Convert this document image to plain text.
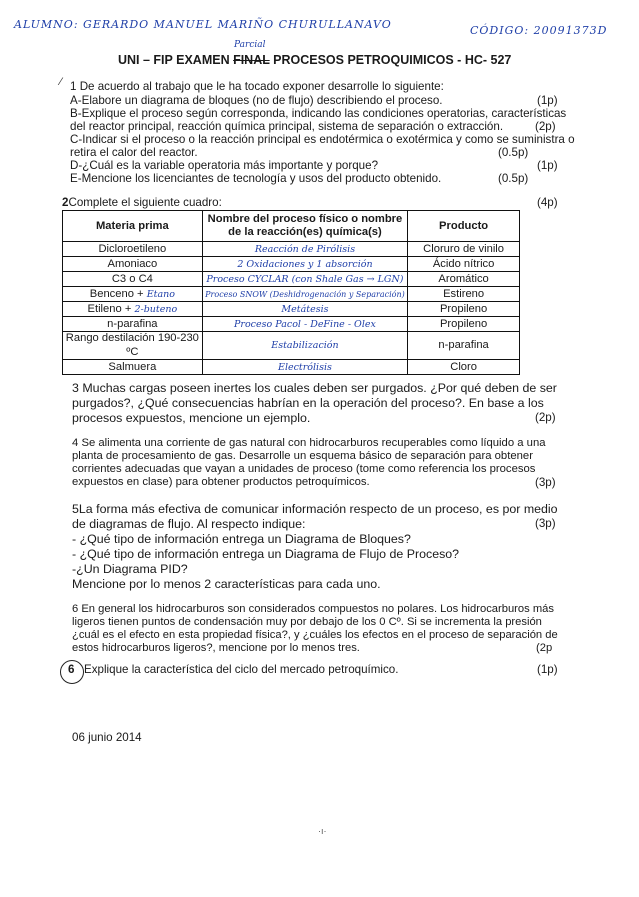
ALUMNO: GERARDO MANUEL MARIÑO CHURULLANAVO	CÓDIGO: 20091373D
Parcial
UNI – FIP EXAMEN FINAL PROCESOS PETROQUIMICOS - HC- 527
⁄ 1 De acuerdo al trabajo que le ha tocado exponer desarrolle lo siguiente:
A-Elabore un diagrama de bloques (no de flujo) describiendo el proceso.	(1p)
B-Explique el proceso según corresponda, indicando las condiciones operatorias, características
del reactor principal, reacción química principal, sistema de separación o extracción.	(2p)
C-Indicar si el proceso o la reacción principal es endotérmica o exotérmica y como se suministra o
retira el calor del reactor.	(0.5p)
D-¿Cuál es la variable operatoria más importante y porque?	(1p)
E-Mencione los licenciantes de tecnología y usos del producto obtenido.	(0.5p)
2Complete el siguiente cuadro:	(4p)
Materia prima	Nombre del proceso físico o nombre de la reacción(es) química(s)	Producto
Dicloroetileno	Reacción de Pirólisis	Cloruro de vinilo
Amoniaco	2 Oxidaciones y 1 absorción	Ácido nítrico
C3 o C4	Proceso CYCLAR (con Shale Gas → LGN)	Aromático
Benceno + Etano	Proceso SNOW (Deshidrogenación y Separación)	Estireno
Etileno + 2-buteno	Metátesis	Propileno
n-parafina	Proceso Pacol - DeFine - Olex	Propileno
Rango destilación 190-230 ºC	Estabilización	n-parafina
Salmuera	Electrólisis	Cloro
3 Muchas cargas poseen inertes los cuales deben ser purgados. ¿Por qué deben de ser
purgados?, ¿Qué consecuencias habrían en la operación del proceso?. En base a los
procesos expuestos, mencione un ejemplo.	(2p)
4 Se alimenta una corriente de gas natural con hidrocarburos recuperables como líquido a una
planta de procesamiento de gas. Desarrolle un esquema básico de separación para obtener
corrientes adecuadas que vayan a unidades de proceso (tome como referencia los procesos
expuestos en clase) para obtener productos petroquímicos.	(3p)
5La forma más efectiva de comunicar información respecto de un proceso, es por medio
de diagramas de flujo. Al respecto indique:	(3p)
- ¿Qué tipo de información entrega un Diagrama de Bloques?
- ¿Qué tipo de información entrega un Diagrama de Flujo de Proceso?
-¿Un Diagrama PID?
Mencione por lo menos 2 características para cada uno.
6 En general los hidrocarburos son considerados compuestos no polares. Los hidrocarburos más
ligeros tienen puntos de condensación muy por debajo de los 0 Cº. Si se incrementa la presión
¿cuál es el efecto en esta propiedad física?, y ¿cuáles los efectos en el proceso de separación de
estos hidrocarburos ligeros?, mencione por lo menos tres.	(2p
6 Explique la característica del ciclo del mercado petroquímico.	(1p)
06 junio 2014
·ı·
